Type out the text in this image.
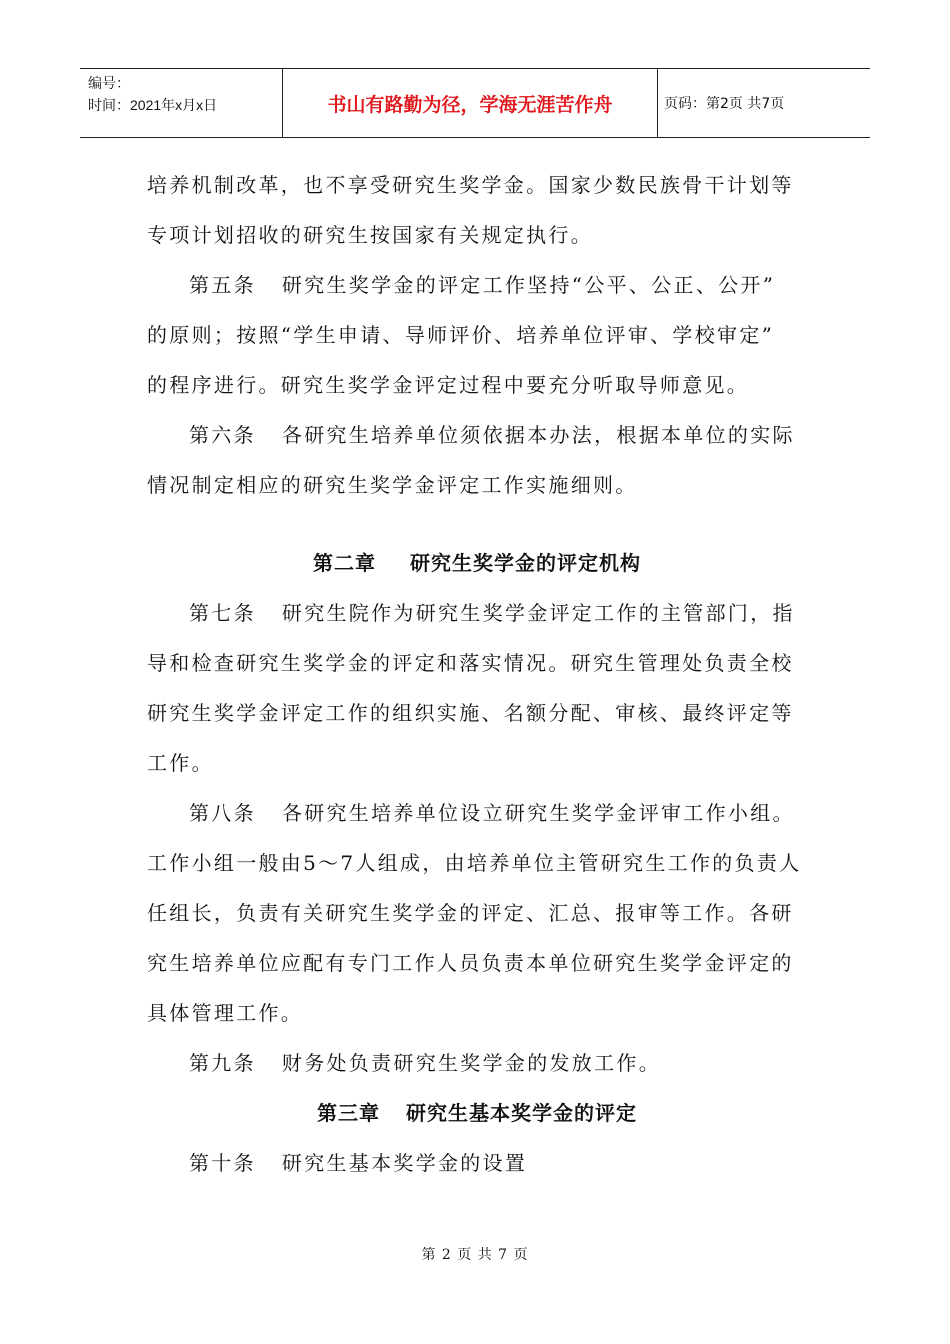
编号：
时间：2021年x月x日	书山有路勤为径，学海无涯苦作舟	页码：第2页 共7页
培养机制改革，也不享受研究生奖学金。国家少数民族骨干计划等
专项计划招收的研究生按国家有关规定执行。
第五条 研究生奖学金的评定工作坚持“公平、公正、公开”
的原则；按照“学生申请、导师评价、培养单位评审、学校审定”
的程序进行。研究生奖学金评定过程中要充分听取导师意见。
第六条 各研究生培养单位须依据本办法，根据本单位的实际
情况制定相应的研究生奖学金评定工作实施细则。
第二章 研究生奖学金的评定机构
第七条 研究生院作为研究生奖学金评定工作的主管部门，指
导和检查研究生奖学金的评定和落实情况。研究生管理处负责全校
研究生奖学金评定工作的组织实施、名额分配、审核、最终评定等
工作。
第八条 各研究生培养单位设立研究生奖学金评审工作小组。
工作小组一般由5～7人组成，由培养单位主管研究生工作的负责人
任组长，负责有关研究生奖学金的评定、汇总、报审等工作。各研
究生培养单位应配有专门工作人员负责本单位研究生奖学金评定的
具体管理工作。
第九条 财务处负责研究生奖学金的发放工作。
第三章 研究生基本奖学金的评定
第十条 研究生基本奖学金的设置
第 2 页 共 7 页
